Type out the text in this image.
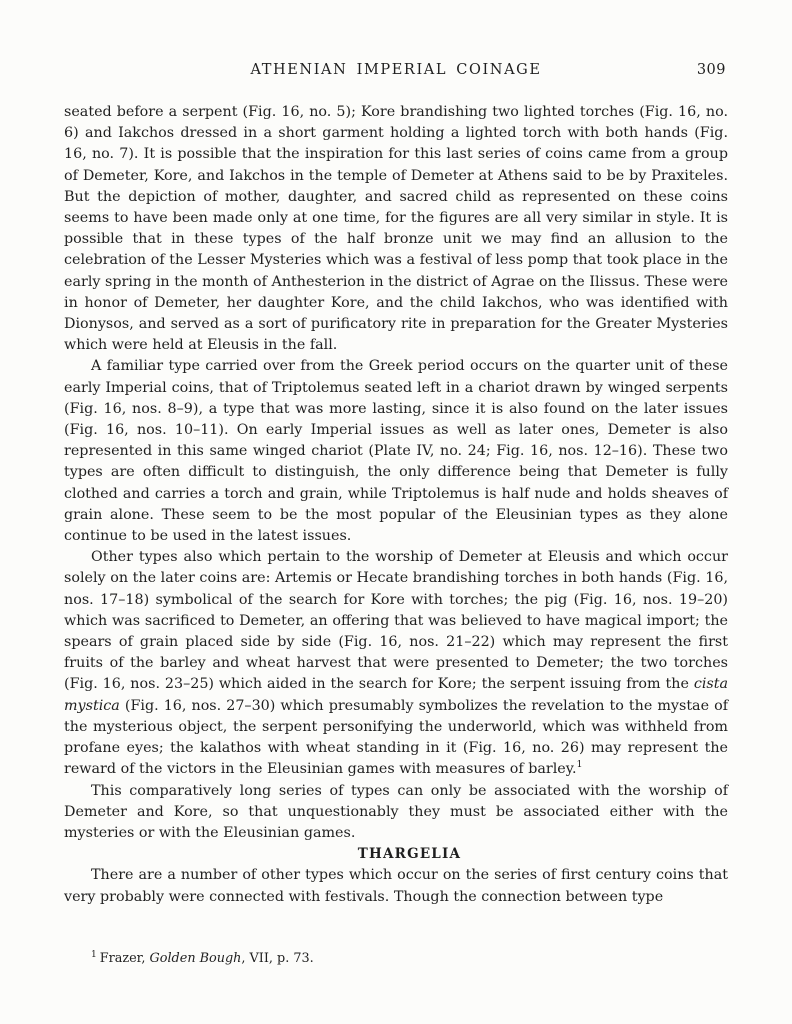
ATHENIAN IMPERIAL COINAGE	309

seated before a serpent (Fig. 16, no. 5); Kore brandishing two lighted torches (Fig. 16, no. 6) and Iakchos dressed in a short garment holding a lighted torch with both hands (Fig. 16, no. 7). It is possible that the inspiration for this last series of coins came from a group of Demeter, Kore, and Iakchos in the temple of Demeter at Athens said to be by Praxiteles. But the depiction of mother, daughter, and sacred child as represented on these coins seems to have been made only at one time, for the figures are all very similar in style. It is possible that in these types of the half bronze unit we may find an allusion to the celebration of the Lesser Mysteries which was a festival of less pomp that took place in the early spring in the month of Anthesterion in the district of Agrae on the Ilissus. These were in honor of Demeter, her daughter Kore, and the child Iakchos, who was identified with Dionysos, and served as a sort of purificatory rite in preparation for the Greater Mysteries which were held at Eleusis in the fall.

A familiar type carried over from the Greek period occurs on the quarter unit of these early Imperial coins, that of Triptolemus seated left in a chariot drawn by winged serpents (Fig. 16, nos. 8–9), a type that was more lasting, since it is also found on the later issues (Fig. 16, nos. 10–11). On early Imperial issues as well as later ones, Demeter is also represented in this same winged chariot (Plate IV, no. 24; Fig. 16, nos. 12–16). These two types are often difficult to distinguish, the only difference being that Demeter is fully clothed and carries a torch and grain, while Triptolemus is half nude and holds sheaves of grain alone. These seem to be the most popular of the Eleusinian types as they alone continue to be used in the latest issues.

Other types also which pertain to the worship of Demeter at Eleusis and which occur solely on the later coins are: Artemis or Hecate brandishing torches in both hands (Fig. 16, nos. 17–18) symbolical of the search for Kore with torches; the pig (Fig. 16, nos. 19–20) which was sacrificed to Demeter, an offering that was believed to have magical import; the spears of grain placed side by side (Fig. 16, nos. 21–22) which may represent the first fruits of the barley and wheat harvest that were presented to Demeter; the two torches (Fig. 16, nos. 23–25) which aided in the search for Kore; the serpent issuing from the cista mystica (Fig. 16, nos. 27–30) which presumably symbolizes the revelation to the mystae of the mysterious object, the serpent personifying the underworld, which was withheld from profane eyes; the kalathos with wheat standing in it (Fig. 16, no. 26) may represent the reward of the victors in the Eleusinian games with measures of barley.$^1$

This comparatively long series of types can only be associated with the worship of Demeter and Kore, so that unquestionably they must be associated either with the mysteries or with the Eleusinian games.

THARGELIA

There are a number of other types which occur on the series of first century coins that very probably were connected with festivals. Though the connection between type

$^1$ Frazer, Golden Bough, VII, p. 73.
